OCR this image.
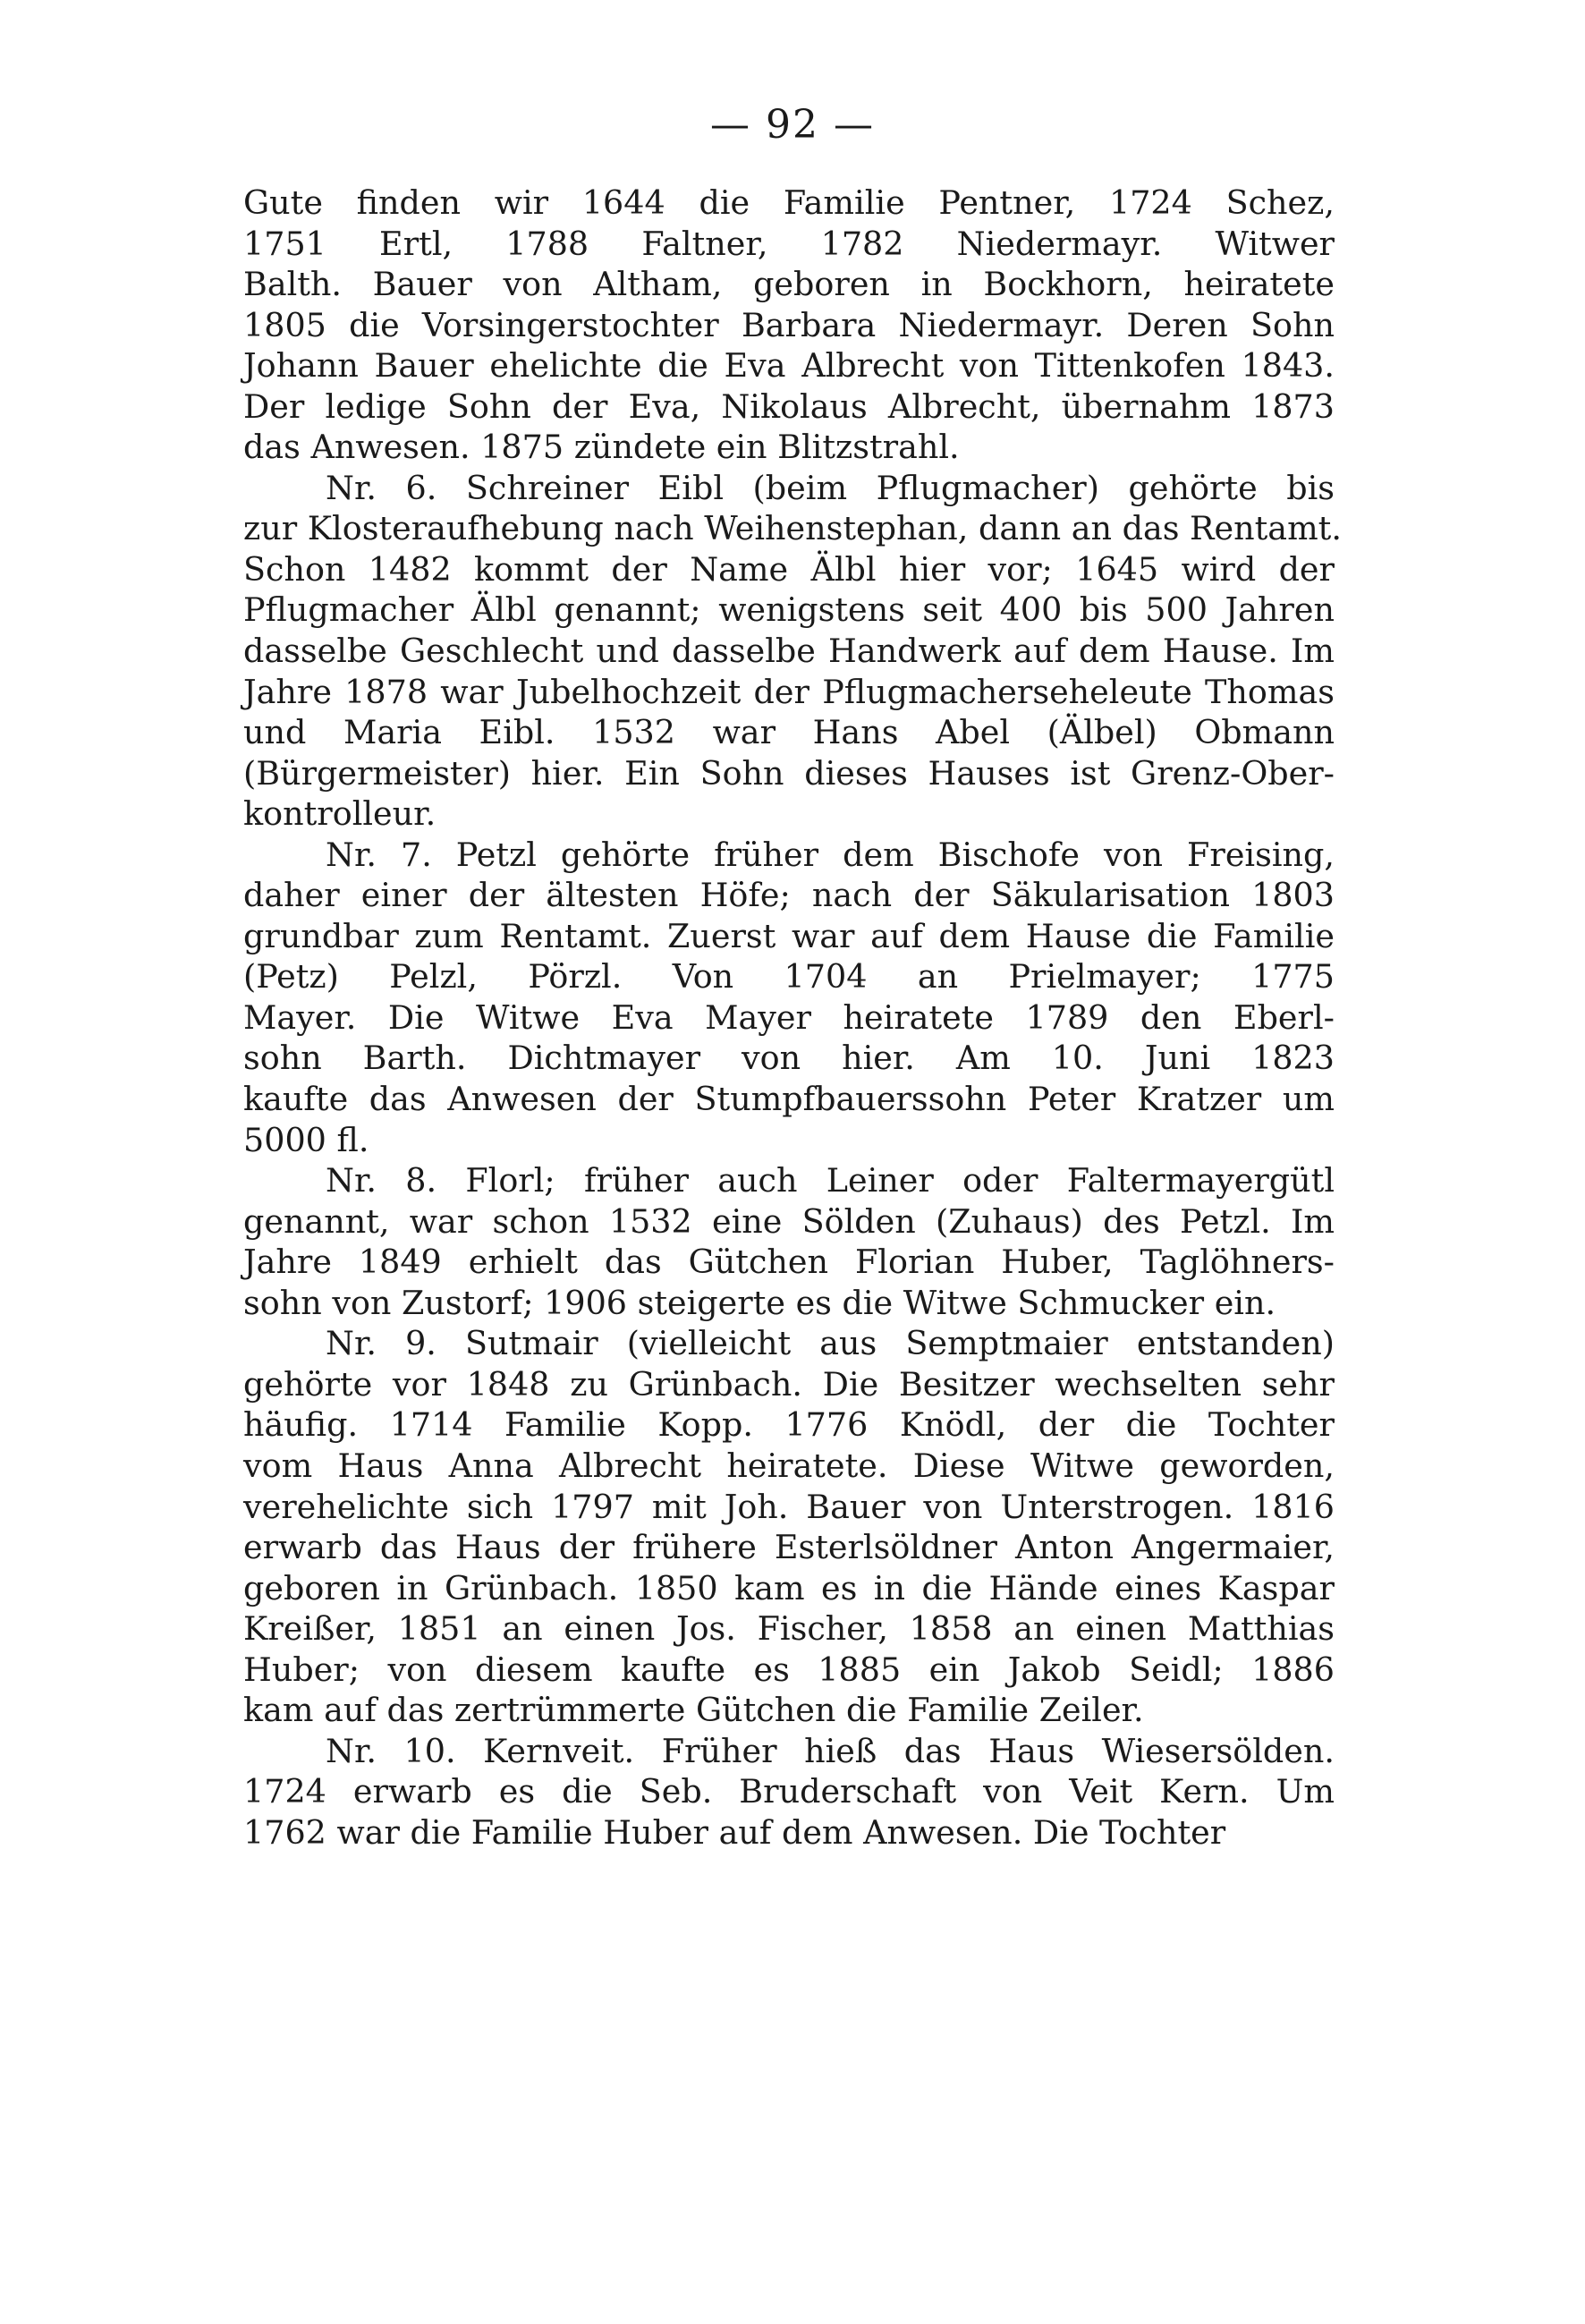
— 92 —
Gute finden wir 1644 die Familie Pentner, 1724 Schez,
1751 Ertl, 1788 Faltner, 1782 Niedermayr. Witwer
Balth. Bauer von Altham, geboren in Bockhorn, heiratete
1805 die Vorsingerstochter Barbara Niedermayr. Deren Sohn
Johann Bauer ehelichte die Eva Albrecht von Tittenkofen 1843.
Der ledige Sohn der Eva, Nikolaus Albrecht, übernahm 1873
das Anwesen. 1875 zündete ein Blitzstrahl.
Nr. 6. Schreiner Eibl (beim Pflugmacher) gehörte bis
zur Klosteraufhebung nach Weihenstephan, dann an das Rentamt.
Schon 1482 kommt der Name Älbl hier vor; 1645 wird der
Pflugmacher Älbl genannt; wenigstens seit 400 bis 500 Jahren
dasselbe Geschlecht und dasselbe Handwerk auf dem Hause. Im
Jahre 1878 war Jubelhochzeit der Pflugmacherseheleute Thomas
und Maria Eibl. 1532 war Hans Abel (Älbel) Obmann
(Bürgermeister) hier. Ein Sohn dieses Hauses ist Grenz-Ober-
kontrolleur.
Nr. 7. Petzl gehörte früher dem Bischofe von Freising,
daher einer der ältesten Höfe; nach der Säkularisation 1803
grundbar zum Rentamt. Zuerst war auf dem Hause die Familie
(Petz) Pelzl, Pörzl. Von 1704 an Prielmayer; 1775
Mayer. Die Witwe Eva Mayer heiratete 1789 den Eberl-
sohn Barth. Dichtmayer von hier. Am 10. Juni 1823
kaufte das Anwesen der Stumpfbauerssohn Peter Kratzer um
5000 fl.
Nr. 8. Florl; früher auch Leiner oder Faltermayergütl
genannt, war schon 1532 eine Sölden (Zuhaus) des Petzl. Im
Jahre 1849 erhielt das Gütchen Florian Huber, Taglöhners-
sohn von Zustorf; 1906 steigerte es die Witwe Schmucker ein.
Nr. 9. Sutmair (vielleicht aus Semptmaier entstanden)
gehörte vor 1848 zu Grünbach. Die Besitzer wechselten sehr
häufig. 1714 Familie Kopp. 1776 Knödl, der die Tochter
vom Haus Anna Albrecht heiratete. Diese Witwe geworden,
verehelichte sich 1797 mit Joh. Bauer von Unterstrogen. 1816
erwarb das Haus der frühere Esterlsöldner Anton Angermaier,
geboren in Grünbach. 1850 kam es in die Hände eines Kaspar
Kreißer, 1851 an einen Jos. Fischer, 1858 an einen Matthias
Huber; von diesem kaufte es 1885 ein Jakob Seidl; 1886
kam auf das zertrümmerte Gütchen die Familie Zeiler.
Nr. 10. Kernveit. Früher hieß das Haus Wiesersölden.
1724 erwarb es die Seb. Bruderschaft von Veit Kern. Um
1762 war die Familie Huber auf dem Anwesen. Die Tochter
